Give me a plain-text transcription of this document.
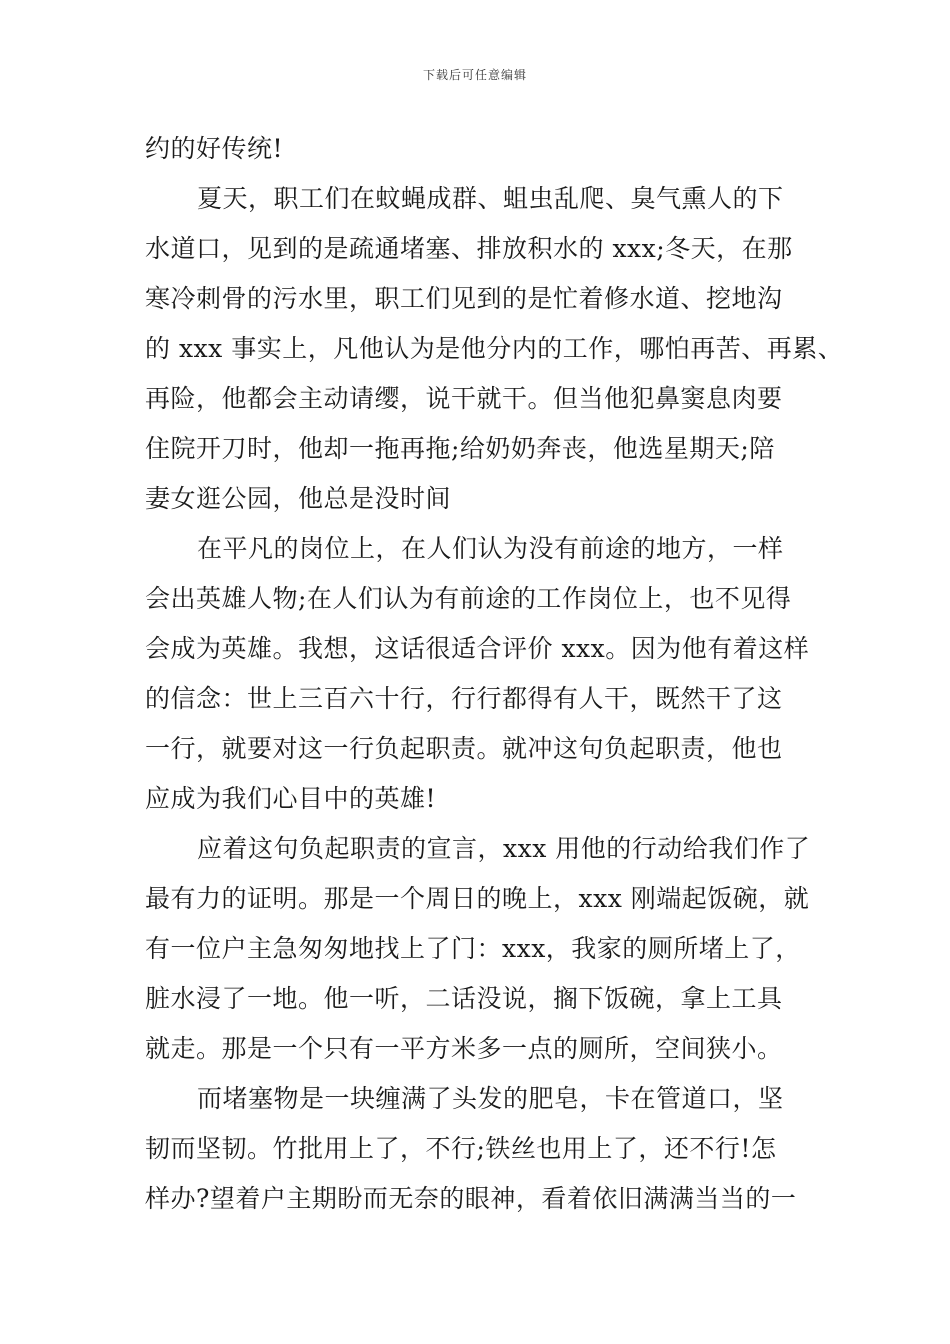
下载后可任意编辑
约的好传统!
夏天，职工们在蚊蝇成群、蛆虫乱爬、臭气熏人的下
水道口，见到的是疏通堵塞、排放积水的 xxx;冬天，在那
寒冷刺骨的污水里，职工们见到的是忙着修水道、挖地沟
的 xxx 事实上，凡他认为是他分内的工作，哪怕再苦、再累、
再险，他都会主动请缨，说干就干。但当他犯鼻窦息肉要
住院开刀时，他却一拖再拖;给奶奶奔丧，他选星期天;陪
妻女逛公园，他总是没时间
在平凡的岗位上，在人们认为没有前途的地方，一样
会出英雄人物;在人们认为有前途的工作岗位上，也不见得
会成为英雄。我想，这话很适合评价 xxx。因为他有着这样
的信念：世上三百六十行，行行都得有人干，既然干了这
一行，就要对这一行负起职责。就冲这句负起职责，他也
应成为我们心目中的英雄!
应着这句负起职责的宣言，xxx 用他的行动给我们作了
最有力的证明。那是一个周日的晚上，xxx 刚端起饭碗，就
有一位户主急匆匆地找上了门：xxx，我家的厕所堵上了，
脏水浸了一地。他一听，二话没说，搁下饭碗，拿上工具
就走。那是一个只有一平方米多一点的厕所，空间狭小。
而堵塞物是一块缠满了头发的肥皂，卡在管道口，坚
韧而坚韧。竹批用上了，不行;铁丝也用上了，还不行!怎
样办?望着户主期盼而无奈的眼神，看着依旧满满当当的一
